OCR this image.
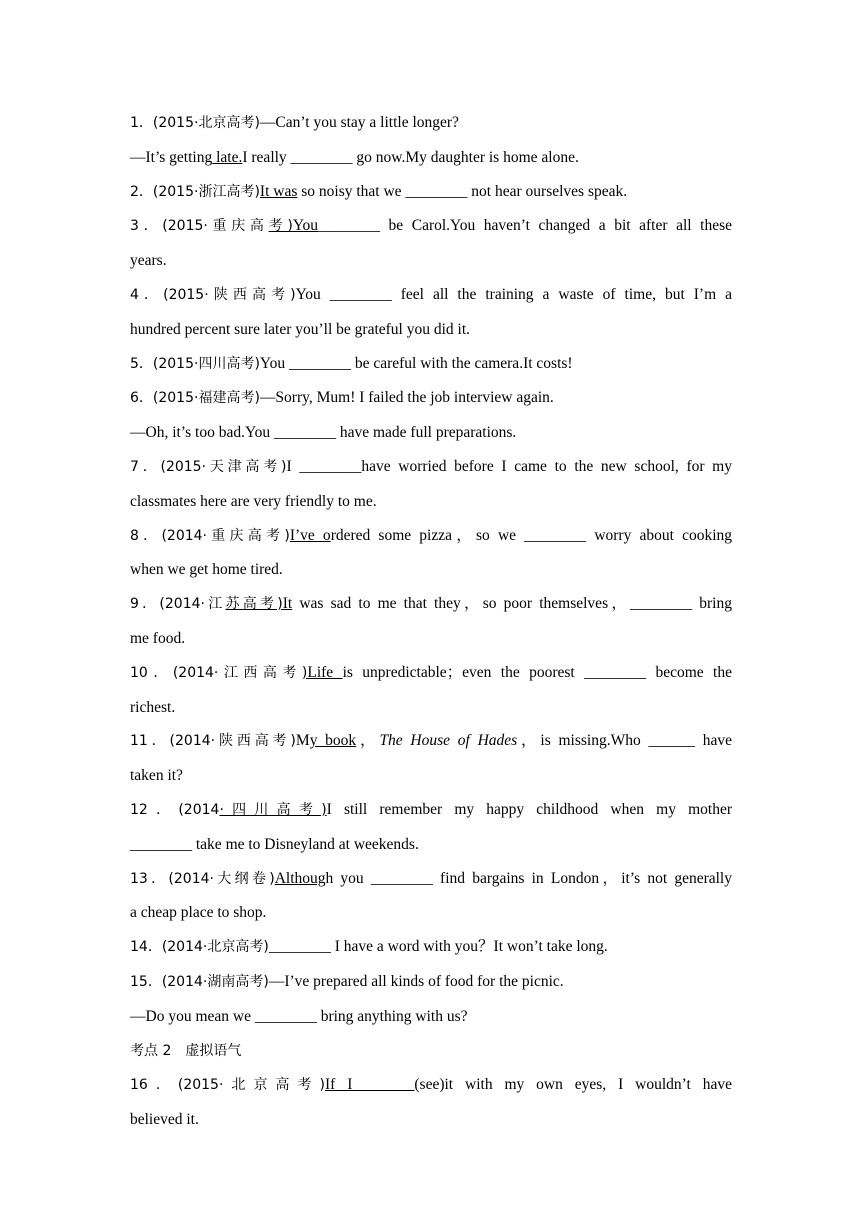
1．(2015·北京高考)—Can’t you stay a little longer?
—It’s getting late.I really ________ go now.My daughter is home alone.
2．(2015·浙江高考)It was so noisy that we ________ not hear ourselves speak.
3．(2015·重庆高考)You________ be Carol.You haven’t changed a bit after all these
years.
4．(2015·陕西高考)You ________ feel all the training a waste of time, but I’m a
hundred percent sure later you’ll be grateful you did it.
5．(2015·四川高考)You ________ be careful with the camera.It costs!
6．(2015·福建高考)—Sorry, Mum! I failed the job interview again.
—Oh, it’s too bad.You ________ have made full preparations.
7．(2015·天津高考)I ________have worried before I came to the new school, for my
classmates here are very friendly to me.
8．(2014·重庆高考)I’ve ordered some pizza，so we ________ worry about cooking
when we get home tired.
9．(2014·江苏高考)It was sad to me that they，so poor themselves，________ bring
me food.
10．(2014·江西高考)Life is unpredictable；even the poorest ________ become the
richest.
11．(2014·陕西高考)My book，The House of Hades，is missing.Who ______ have
taken it?
12．(2014·四川高考)I still remember my happy childhood when my mother
________ take me to Disneyland at weekends.
13．(2014·大纲卷)Although you ________ find bargains in London，it’s not generally
a cheap place to shop.
14．(2014·北京高考)________ I have a word with you？It won’t take long.
15．(2014·湖南高考)—I’ve prepared all kinds of food for the picnic.
—Do you mean we ________ bring anything with us?
考点 2　虚拟语气
16．(2015·北京高考)If I________(see)it with my own eyes, I wouldn’t have
believed it.
